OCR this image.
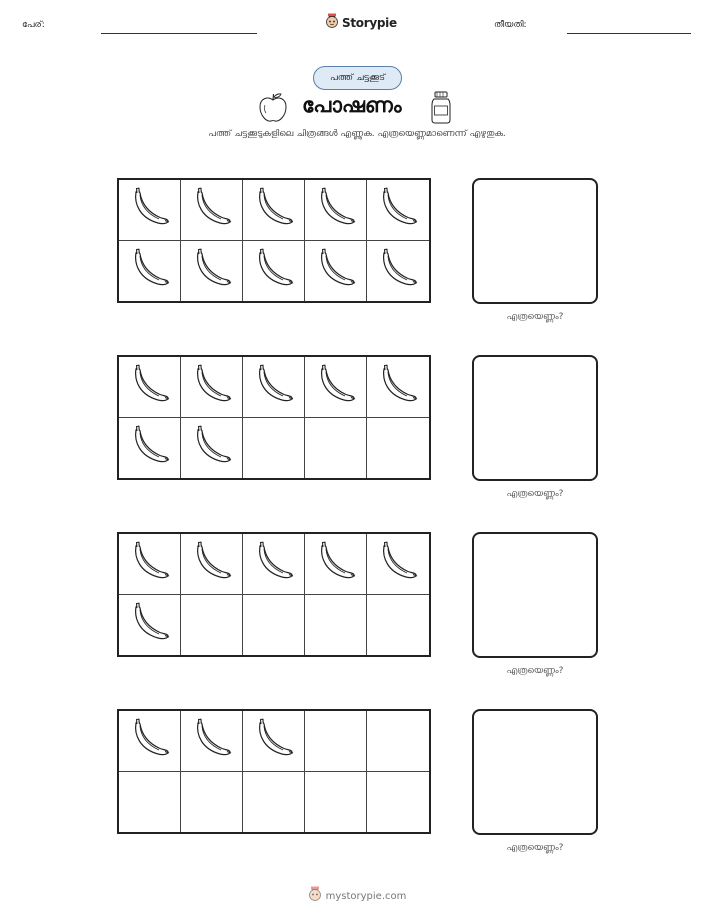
പേര്:	Storypie	തീയതി:
പത്ത് ചട്ടക്കൂട്
പോഷണം
പത്ത് ചട്ടക്കൂടുകളിലെ ചിത്രങ്ങൾ എണ്ണുക. എത്രയെണ്ണമാണെന്ന് എഴുതുക.
എത്രയെണ്ണം?
എത്രയെണ്ണം?
എത്രയെണ്ണം?
എത്രയെണ്ണം?
mystorypie.com
